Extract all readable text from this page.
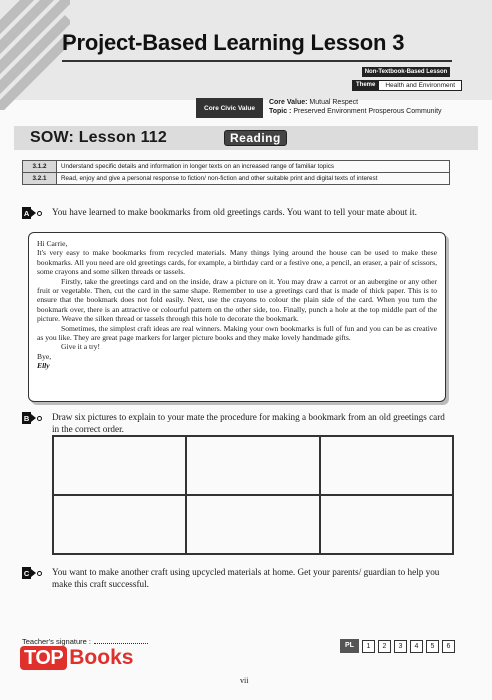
Project-Based Learning Lesson 3
Non-Textbook-Based Lesson
Theme	Health and Environment
Core Civic Value
Core Value: Mutual Respect
Topic : Preserved Environment Prosperous Community
SOW: Lesson 112	Reading
3.1.2	Understand specific details and information in longer texts on an increased range of familiar topics
3.2.1	Read, enjoy and give a personal response to fiction/ non-fiction and other suitable print and digital texts of interest
A You have learned to make bookmarks from old greetings cards. You want to tell your mate about it.

Hi Carrie,

It's very easy to make bookmarks from recycled materials. Many things lying around the house can be used to make these bookmarks. All you need are old greetings cards, for example, a birthday card or a festive one, a pencil, an eraser, a pair of scissors, some crayons and some silken threads or tassels.

Firstly, take the greetings card and on the inside, draw a picture on it. You may draw a carrot or an aubergine or any other fruit or vegetable. Then, cut the card in the same shape. Remember to use a greetings card that is made of thick paper. This is to ensure that the bookmark does not fold easily. Next, use the crayons to colour the plain side of the card. When you turn the bookmark over, there is an attractive or colourful pattern on the other side, too. Finally, punch a hole at the top middle part of the picture. Weave the silken thread or tassels through this hole to decorate the bookmark.

Sometimes, the simplest craft ideas are real winners. Making your own bookmarks is full of fun and you can be as creative as you like. They are great page markers for larger picture books and they make lovely handmade gifts.

Give it a try!

Bye,

Elly

B Draw six pictures to explain to your mate the procedure for making a bookmark from an old greetings card in the correct order.
C You want to make another craft using upcycled materials at home. Get your parents/ guardian to help you make this craft successful.
Teacher's signature :
TOP Books
PL	1	2	3	4	5	6
vii
